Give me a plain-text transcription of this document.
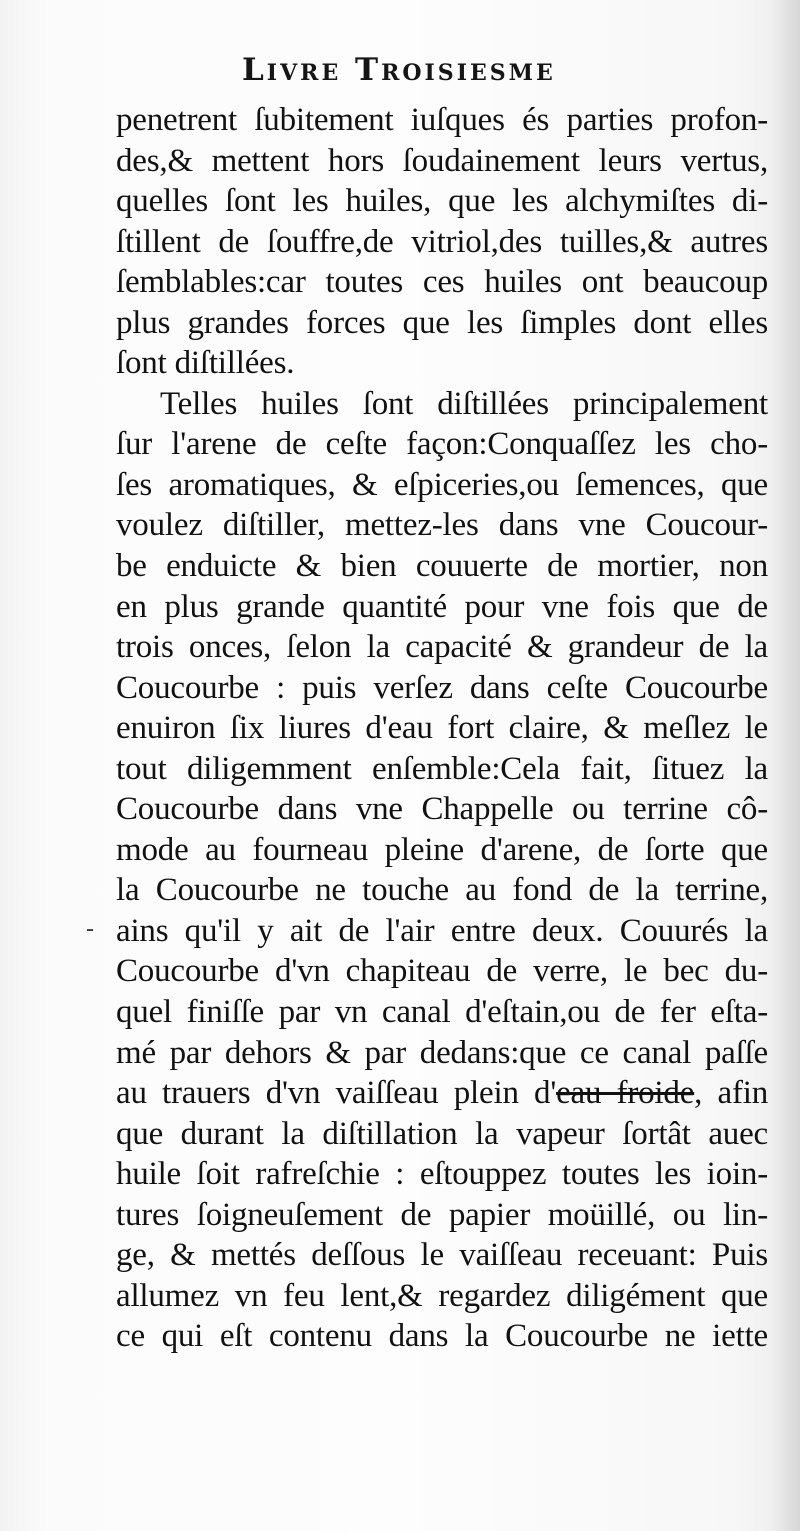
Livre Troisiesme
-
penetrent ſubitement iuſques és parties profon-
des,& mettent hors ſoudainement leurs vertus,
quelles ſont les huiles, que les alchymiſtes di-
ſtillent de ſouffre,de vitriol,des tuilles,& autres
ſemblables:car toutes ces huiles ont beaucoup
plus grandes forces que les ſimples dont elles
ſont diſtillées.
Telles huiles ſont diſtillées principalement
ſur l'arene de ceſte façon:Conquaſſez les cho-
ſes aromatiques, & eſpiceries,ou ſemences, que
voulez diſtiller, mettez-les dans vne Coucour-
be enduicte & bien couuerte de mortier, non
en plus grande quantité pour vne fois que de
trois onces, ſelon la capacité & grandeur de la
Coucourbe : puis verſez dans ceſte Coucourbe
enuiron ſix liures d'eau fort claire, & meſlez le
tout diligemment enſemble:Cela fait, ſituez la
Coucourbe dans vne Chappelle ou terrine cô-
mode au fourneau pleine d'arene, de ſorte que
la Coucourbe ne touche au fond de la terrine,
ains qu'il y ait de l'air entre deux. Couurés la
Coucourbe d'vn chapiteau de verre, le bec du-
quel finiſſe par vn canal d'eſtain,ou de fer eſta-
mé par dehors & par dedans:que ce canal paſſe
au trauers d'vn vaiſſeau plein d'eau froide, afin
que durant la diſtillation la vapeur ſortât auec
huile ſoit rafreſchie : eſtouppez toutes les ioin-
tures ſoigneuſement de papier moüillé, ou lin-
ge, & mettés deſſous le vaiſſeau receuant: Puis
allumez vn feu lent,& regardez diligément que
ce qui eſt contenu dans la Coucourbe ne iette
